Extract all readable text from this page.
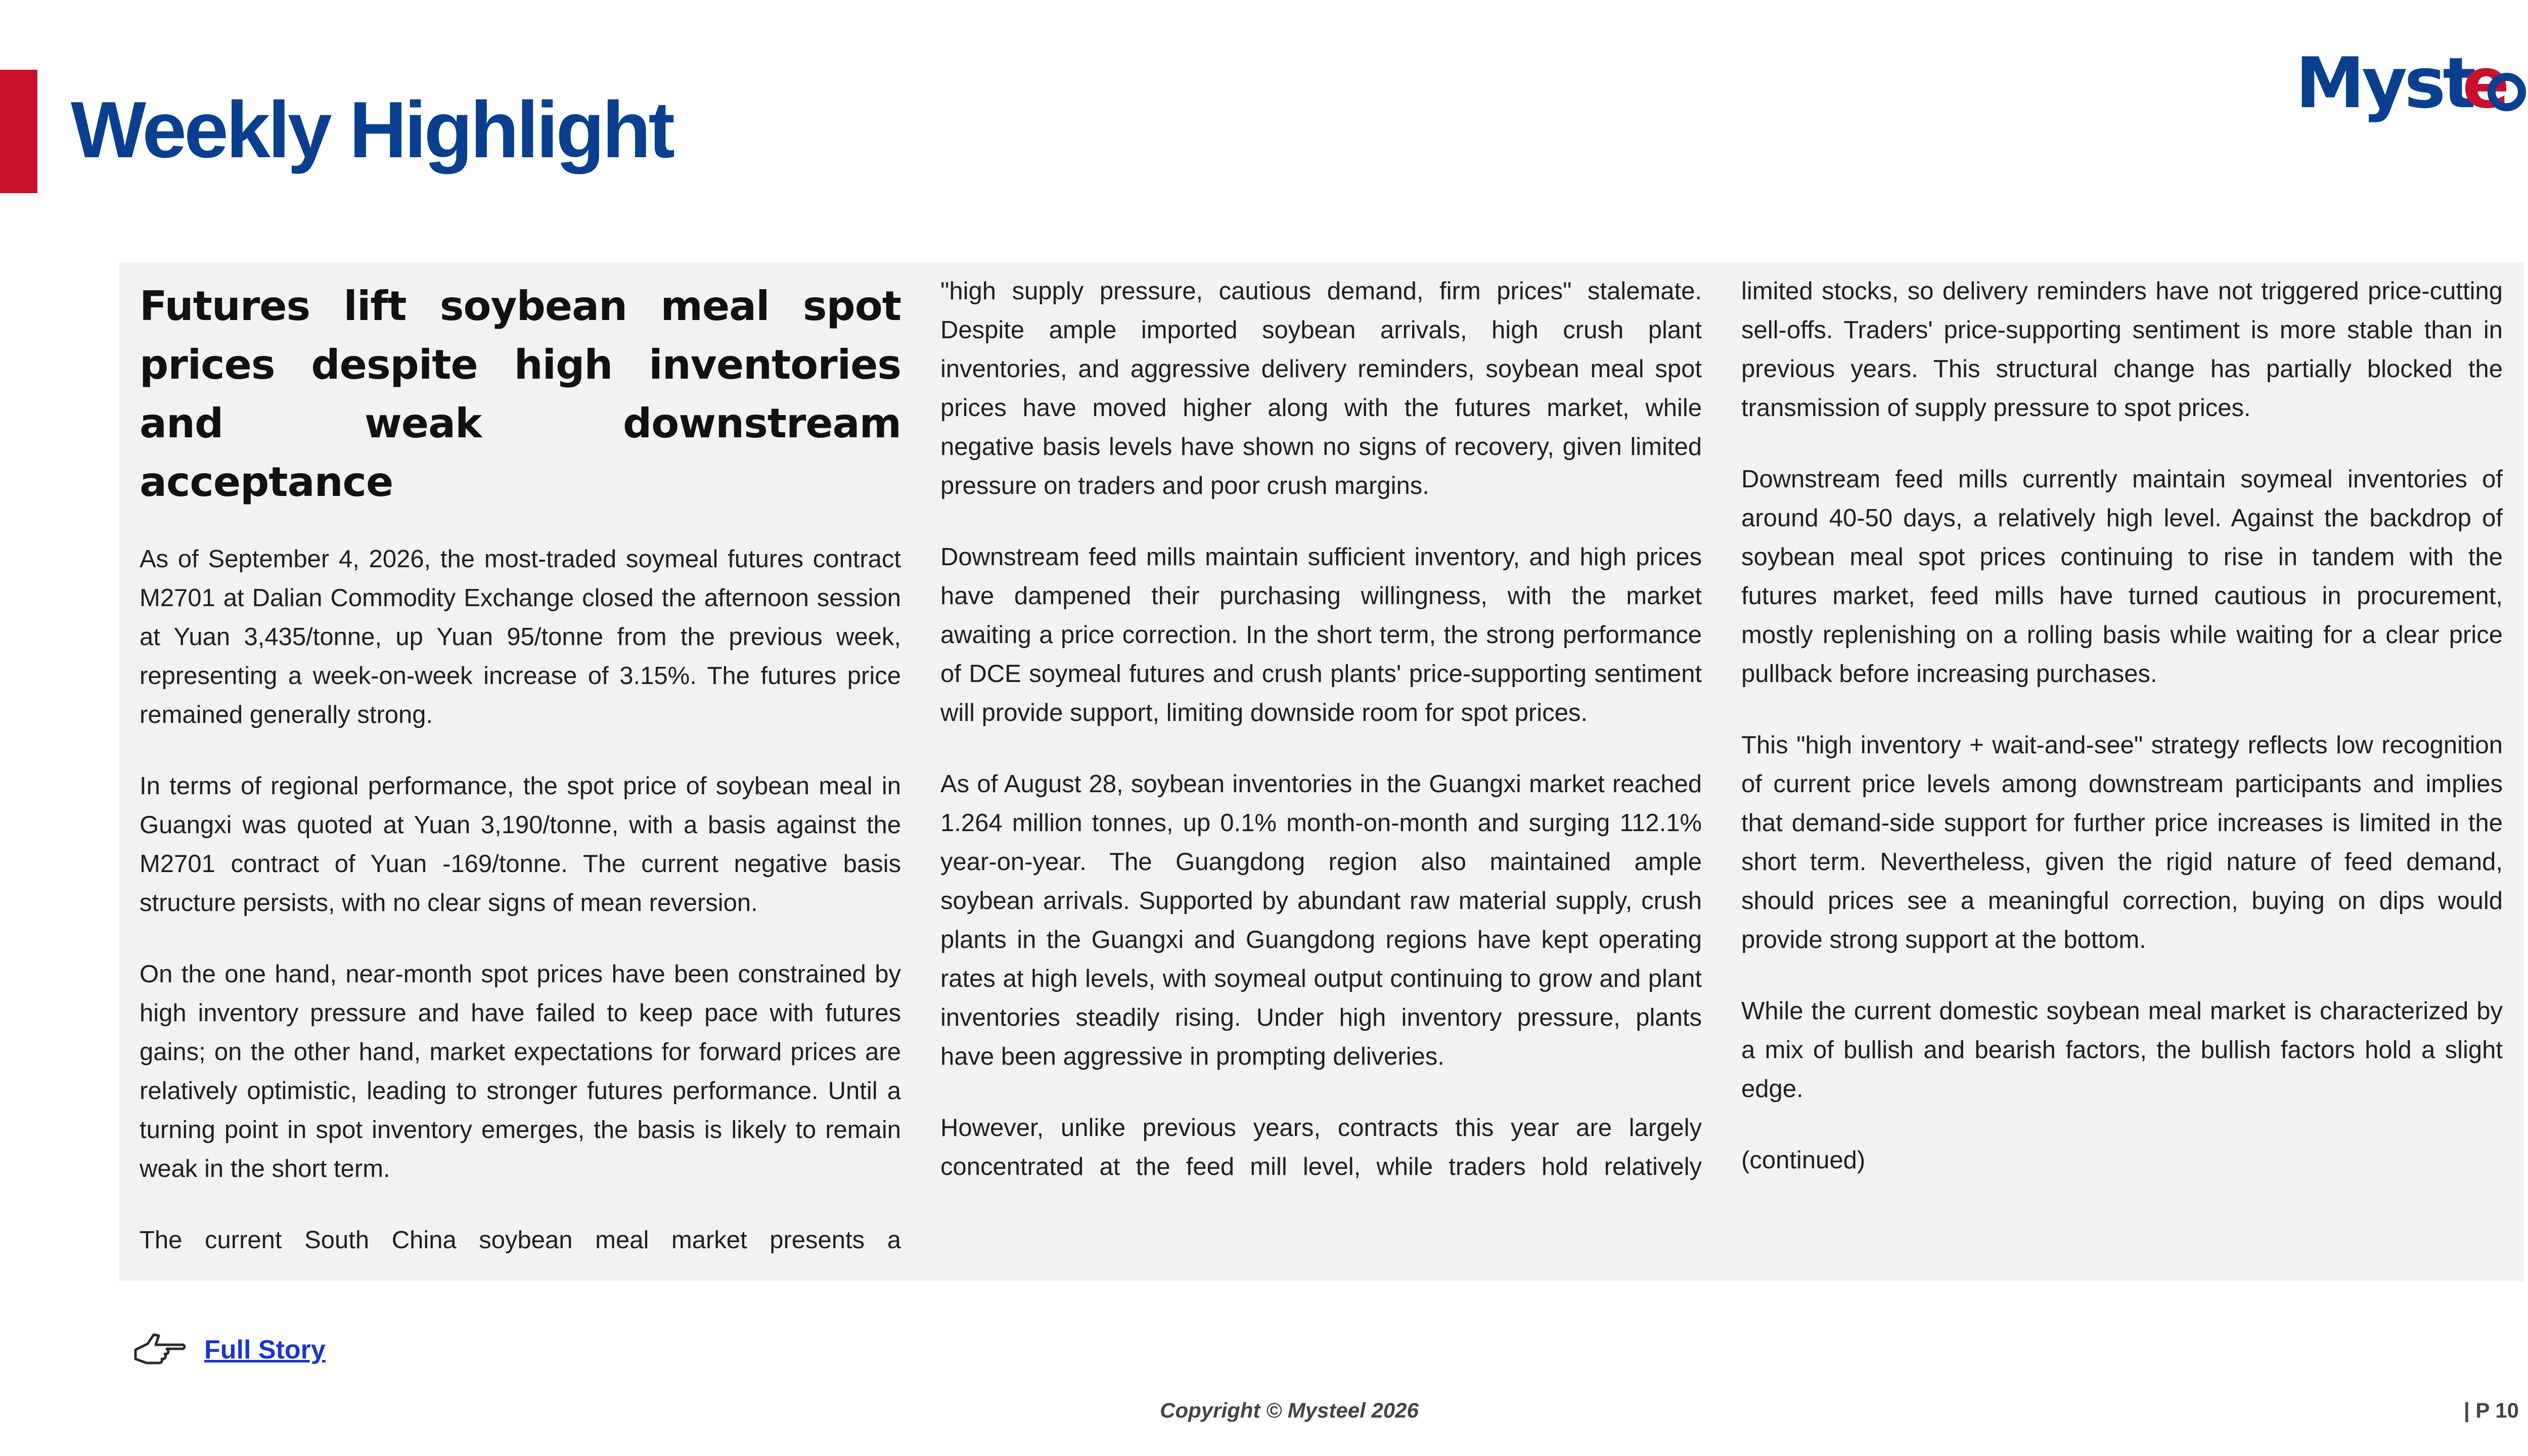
Weekly Highlight
Myst
e
Futures lift soybean meal spot prices despite high inventories and weak downstream acceptance

As of September 4, 2026, the most-traded soymeal futures contract M2701 at Dalian Commodity Exchange closed the afternoon session at Yuan 3,435/tonne, up Yuan 95/tonne from the previous week, representing a week-on-week increase of 3.15%. The futures price remained generally strong.

In terms of regional performance, the spot price of soybean meal in Guangxi was quoted at Yuan 3,190/tonne, with a basis against the M2701 contract of Yuan -169/tonne. The current negative basis structure persists, with no clear signs of mean reversion.

On the one hand, near-month spot prices have been constrained by high inventory pressure and have failed to keep pace with futures gains; on the other hand, market expectations for forward prices are relatively optimistic, leading to stronger futures performance. Until a turning point in spot inventory emerges, the basis is likely to remain weak in the short term.

The current South China soybean meal market presents a

"high supply pressure, cautious demand, firm prices" stalemate. Despite ample imported soybean arrivals, high crush plant inventories, and aggressive delivery reminders, soybean meal spot prices have moved higher along with the futures market, while negative basis levels have shown no signs of recovery, given limited pressure on traders and poor crush margins.

Downstream feed mills maintain sufficient inventory, and high prices have dampened their purchasing willingness, with the market awaiting a price correction. In the short term, the strong performance of DCE soymeal futures and crush plants' price-supporting sentiment will provide support, limiting downside room for spot prices.

As of August 28, soybean inventories in the Guangxi market reached 1.264 million tonnes, up 0.1% month-on-month and surging 112.1% year-on-year. The Guangdong region also maintained ample soybean arrivals. Supported by abundant raw material supply, crush plants in the Guangxi and Guangdong regions have kept operating rates at high levels, with soymeal output continuing to grow and plant inventories steadily rising. Under high inventory pressure, plants have been aggressive in prompting deliveries.

However, unlike previous years, contracts this year are largely concentrated at the feed mill level, while traders hold relatively

limited stocks, so delivery reminders have not triggered price-cutting sell-offs. Traders' price-supporting sentiment is more stable than in previous years. This structural change has partially blocked the transmission of supply pressure to spot prices.

Downstream feed mills currently maintain soymeal inventories of around 40-50 days, a relatively high level. Against the backdrop of soybean meal spot prices continuing to rise in tandem with the futures market, feed mills have turned cautious in procurement, mostly replenishing on a rolling basis while waiting for a clear price pullback before increasing purchases.

This "high inventory + wait-and-see" strategy reflects low recognition of current price levels among downstream participants and implies that demand-side support for further price increases is limited in the short term. Nevertheless, given the rigid nature of feed demand, should prices see a meaningful correction, buying on dips would provide strong support at the bottom.

While the current domestic soybean meal market is characterized by a mix of bullish and bearish factors, the bullish factors hold a slight edge.

(continued)

Full Story
Copyright © Mysteel 2026	| P 10
